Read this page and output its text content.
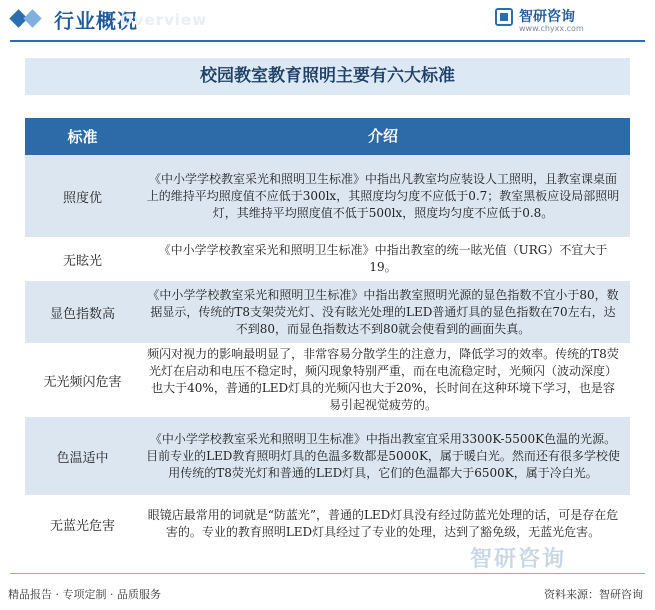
行业概况
Overview	智研咨询
www.chyxx.com
校园教室教育照明主要有六大标准
标准	介绍
照度优
《中小学学校教室采光和照明卫生标准》中指出凡教室均应装设人工照明，且教室课桌面上的维持平均照度值不应低于300lx，其照度均匀度不应低于0.7；教室黑板应设局部照明灯，其维持平均照度值不低于500lx，照度均匀度不应低于0.8。
无眩光
《中小学学校教室采光和照明卫生标准》中指出教室的统一眩光值（URG）不宜大于19。
显色指数高
《中小学学校教室采光和照明卫生标准》中指出教室照明光源的显色指数不宜小于80，数据显示，传统的T8支架荧光灯、没有眩光处理的LED普通灯具的显色指数在70左右，达不到80，而显色指数达不到80就会使看到的画面失真。
无光频闪危害
频闪对视力的影响最明显了，非常容易分散学生的注意力，降低学习的效率。传统的T8荧光灯在启动和电压不稳定时，频闪现象特别严重，而在电流稳定时，光频闪（波动深度）也大于40%，普通的LED灯具的光频闪也大于20%，长时间在这种环境下学习，也是容易引起视觉疲劳的。
色温适中
《中小学学校教室采光和照明卫生标准》中指出教室宜采用3300K-5500K色温的光源。目前专业的LED教育照明灯具的色温多数都是5000K，属于暖白光。然而还有很多学校使用传统的T8荧光灯和普通的LED灯具，它们的色温都大于6500K，属于冷白光。
无蓝光危害
眼镜店最常用的词就是“防蓝光”，普通的LED灯具没有经过防蓝光处理的话，可是存在危害的。专业的教育照明LED灯具经过了专业的处理，达到了豁免级，无蓝光危害。
智研咨询
精品报告 · 专项定制 · 品质服务	资料来源：智研咨询
